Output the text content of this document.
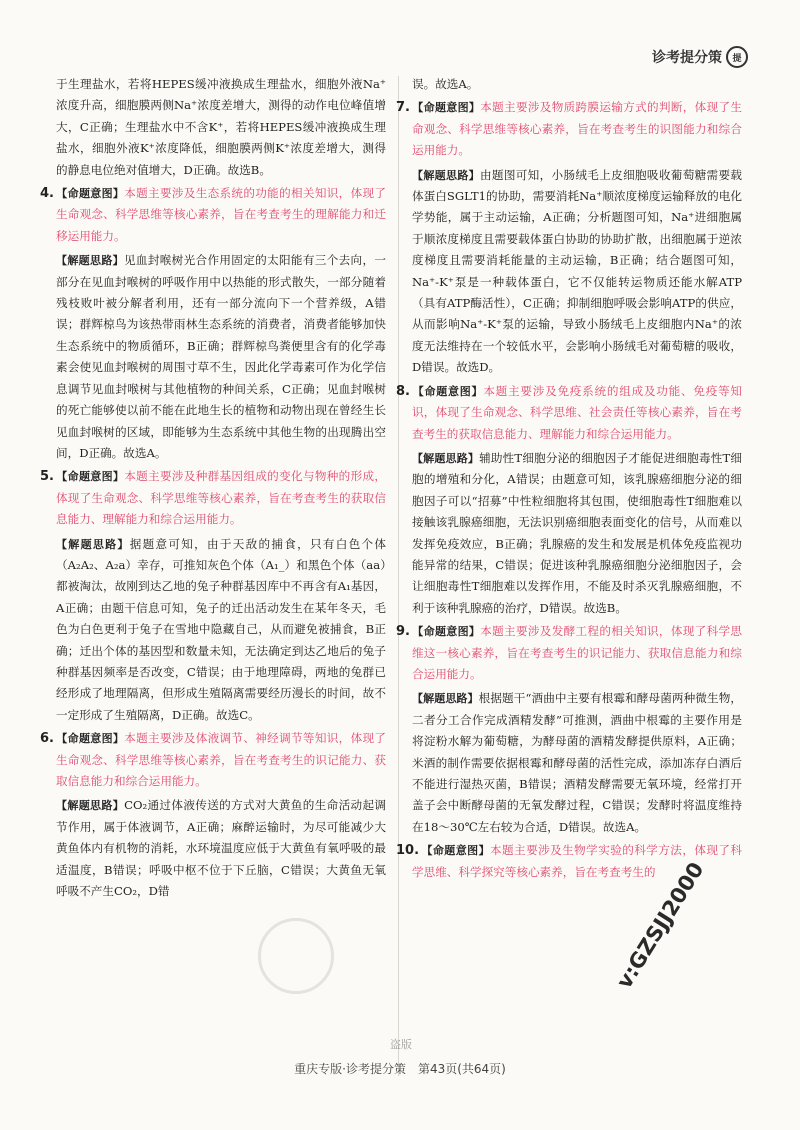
诊考提分策	提

于生理盐水，若将HEPES缓冲液换成生理盐水，细胞外液Na⁺浓度升高，细胞膜两侧Na⁺浓度差增大，测得的动作电位峰值增大，C正确；生理盐水中不含K⁺，若将HEPES缓冲液换成生理盐水，细胞外液K⁺浓度降低，细胞膜两侧K⁺浓度差增大，测得的静息电位绝对值增大，D正确。故选B。

4. 【命题意图】本题主要涉及生态系统的功能的相关知识，体现了生命观念、科学思维等核心素养，旨在考查考生的理解能力和迁移运用能力。

【解题思路】见血封喉树光合作用固定的太阳能有三个去向，一部分在见血封喉树的呼吸作用中以热能的形式散失，一部分随着残枝败叶被分解者利用，还有一部分流向下一个营养级，A错误；群辉椋鸟为该热带雨林生态系统的消费者，消费者能够加快生态系统中的物质循环，B正确；群辉椋鸟粪便里含有的化学毒素会使见血封喉树的周围寸草不生，因此化学毒素可作为化学信息调节见血封喉树与其他植物的种间关系，C正确；见血封喉树的死亡能够使以前不能在此地生长的植物和动物出现在曾经生长见血封喉树的区域，即能够为生态系统中其他生物的出现腾出空间，D正确。故选A。

5. 【命题意图】本题主要涉及种群基因组成的变化与物种的形成，体现了生命观念、科学思维等核心素养，旨在考查考生的获取信息能力、理解能力和综合运用能力。

【解题思路】据题意可知，由于天敌的捕食，只有白色个体（A₂A₂、A₂a）幸存，可推知灰色个体（A₁_）和黑色个体（aa）都被淘汰，故刚到达乙地的兔子种群基因库中不再含有A₁基因，A正确；由题干信息可知，兔子的迁出活动发生在某年冬天，毛色为白色更利于兔子在雪地中隐藏自己，从而避免被捕食，B正确；迁出个体的基因型和数量未知，无法确定到达乙地后的兔子种群基因频率是否改变，C错误；由于地理障碍，两地的兔群已经形成了地理隔离，但形成生殖隔离需要经历漫长的时间，故不一定形成了生殖隔离，D正确。故选C。

6. 【命题意图】本题主要涉及体液调节、神经调节等知识，体现了生命观念、科学思维等核心素养，旨在考查考生的识记能力、获取信息能力和综合运用能力。

【解题思路】CO₂通过体液传送的方式对大黄鱼的生命活动起调节作用，属于体液调节，A正确；麻醉运输时，为尽可能减少大黄鱼体内有机物的消耗，水环境温度应低于大黄鱼有氧呼吸的最适温度，B错误；呼吸中枢不位于下丘脑，C错误；大黄鱼无氧呼吸不产生CO₂，D错

误。故选A。

7. 【命题意图】本题主要涉及物质跨膜运输方式的判断，体现了生命观念、科学思维等核心素养，旨在考查考生的识图能力和综合运用能力。

【解题思路】由题图可知，小肠绒毛上皮细胞吸收葡萄糖需要载体蛋白SGLT1的协助，需要消耗Na⁺顺浓度梯度运输释放的电化学势能，属于主动运输，A正确；分析题图可知，Na⁺进细胞属于顺浓度梯度且需要载体蛋白协助的协助扩散，出细胞属于逆浓度梯度且需要消耗能量的主动运输，B正确；结合题图可知，Na⁺-K⁺泵是一种载体蛋白，它不仅能转运物质还能水解ATP（具有ATP酶活性），C正确；抑制细胞呼吸会影响ATP的供应，从而影响Na⁺-K⁺泵的运输，导致小肠绒毛上皮细胞内Na⁺的浓度无法维持在一个较低水平，会影响小肠绒毛对葡萄糖的吸收，D错误。故选D。

8. 【命题意图】本题主要涉及免疫系统的组成及功能、免疫等知识，体现了生命观念、科学思维、社会责任等核心素养，旨在考查考生的获取信息能力、理解能力和综合运用能力。

【解题思路】辅助性T细胞分泌的细胞因子才能促进细胞毒性T细胞的增殖和分化，A错误；由题意可知，该乳腺癌细胞分泌的细胞因子可以“招募”中性粒细胞将其包围，使细胞毒性T细胞难以接触该乳腺癌细胞，无法识别癌细胞表面变化的信号，从而难以发挥免疫效应，B正确；乳腺癌的发生和发展是机体免疫监视功能异常的结果，C错误；促进该种乳腺癌细胞分泌细胞因子，会让细胞毒性T细胞难以发挥作用，不能及时杀灭乳腺癌细胞，不利于该种乳腺癌的治疗，D错误。故选B。

9. 【命题意图】本题主要涉及发酵工程的相关知识，体现了科学思维这一核心素养，旨在考查考生的识记能力、获取信息能力和综合运用能力。

【解题思路】根据题干“酒曲中主要有根霉和酵母菌两种微生物，二者分工合作完成酒精发酵”可推测，酒曲中根霉的主要作用是将淀粉水解为葡萄糖，为酵母菌的酒精发酵提供原料，A正确；米酒的制作需要依据根霉和酵母菌的活性完成，添加冻存白酒后不能进行湿热灭菌，B错误；酒精发酵需要无氧环境，经常打开盖子会中断酵母菌的无氧发酵过程，C错误；发酵时将温度维持在18～30℃左右较为合适，D错误。故选A。

10. 【命题意图】本题主要涉及生物学实验的科学方法，体现了科学思维、科学探究等核心素养，旨在考查考生的

盗版
重庆专版·诊考提分策　第43页(共64页)
v:GZSJJ2000
